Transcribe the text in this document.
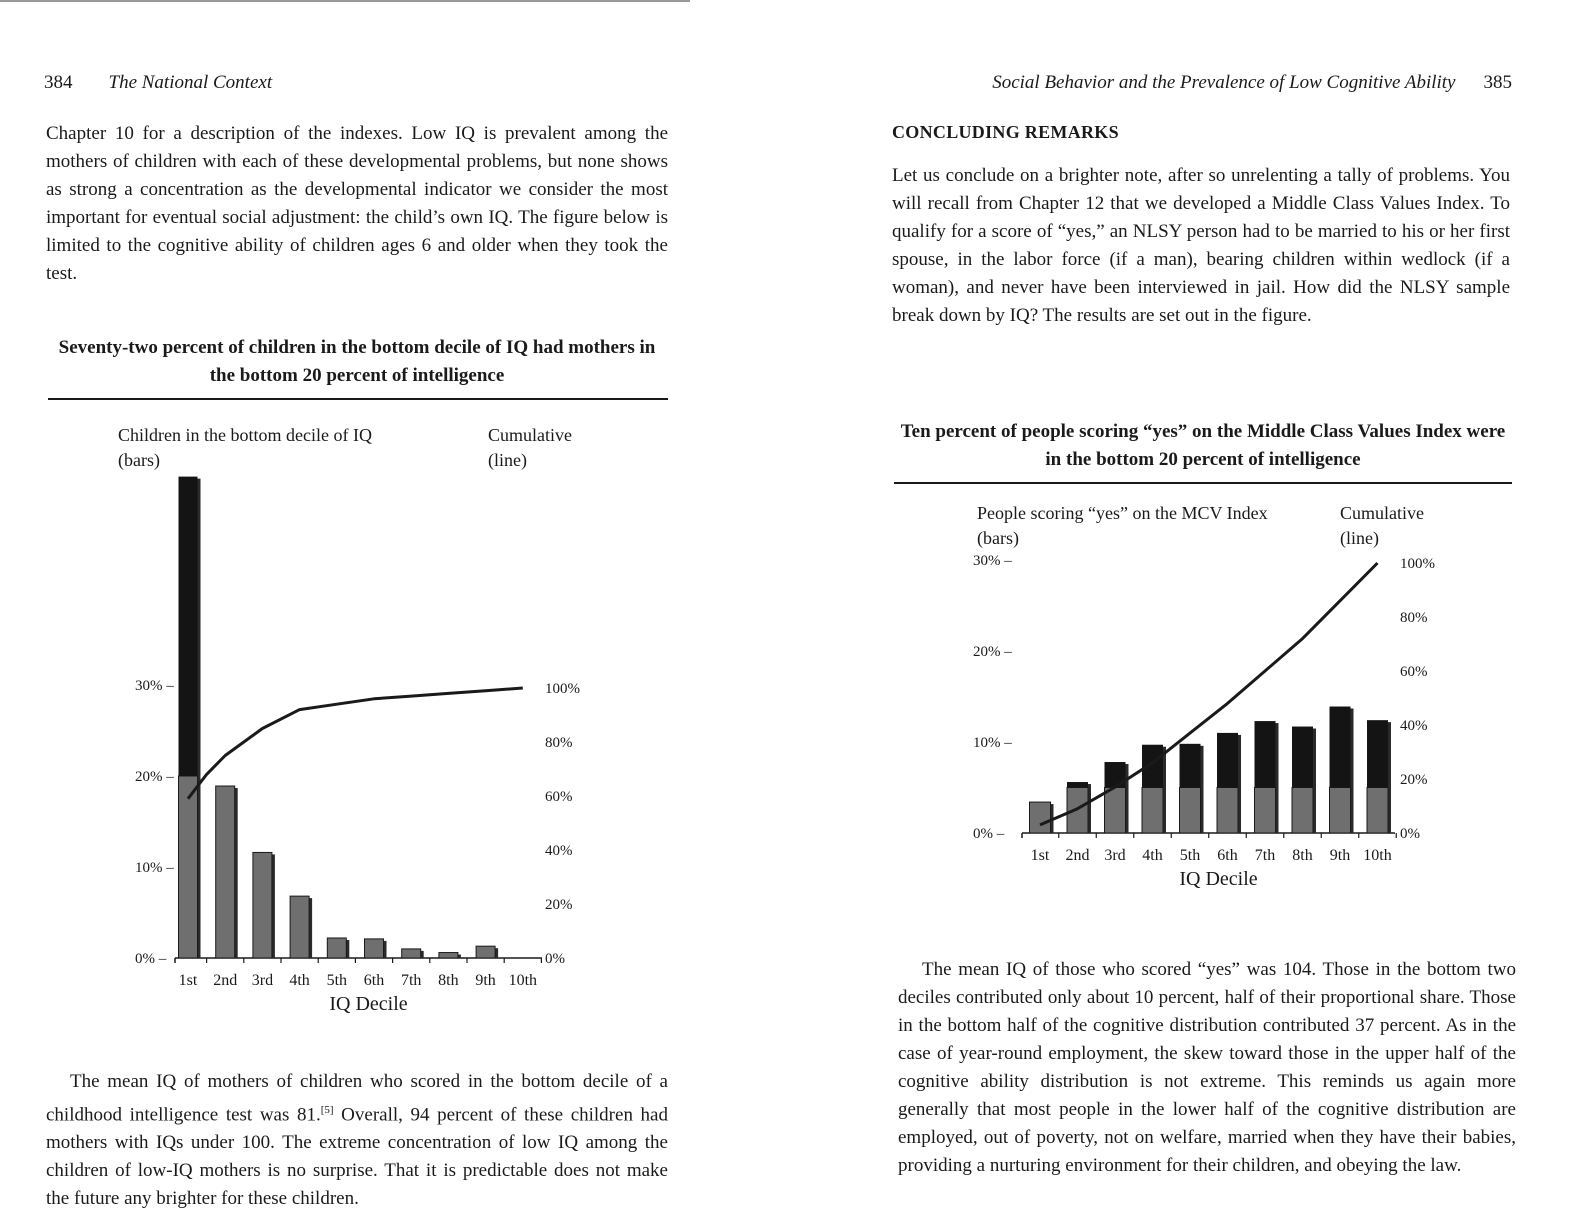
384 The National Context

Chapter 10 for a description of the indexes. Low IQ is prevalent among the mothers of children with each of these developmental problems, but none shows as strong a concentration as the developmental indicator we consider the most important for eventual social adjustment: the child’s own IQ. The figure below is limited to the cognitive ability of children ages 6 and older when they took the test.

Seventy-two percent of children in the bottom decile of IQ had mothers in the bottom 20 percent of intelligence

Children in the bottom decile of IQ
(bars)
Cumulative
(line)
0% –
10% –
20% –
30% –
0%
20%
40%
60%
80%
100%
1st 2nd 3rd 4th 5th 6th 7th 8th 9th 10th
IQ Decile

The mean IQ of mothers of children who scored in the bottom decile of a childhood intelligence test was 81.[5] Overall, 94 percent of these children had mothers with IQs under 100. The extreme concentration of low IQ among the children of low-IQ mothers is no surprise. That it is predictable does not make the future any brighter for these children.

Social Behavior and the Prevalence of Low Cognitive Ability 385
CONCLUDING REMARKS

Let us conclude on a brighter note, after so unrelenting a tally of problems. You will recall from Chapter 12 that we developed a Middle Class Values Index. To qualify for a score of “yes,” an NLSY person had to be married to his or her first spouse, in the labor force (if a man), bearing children within wedlock (if a woman), and never have been interviewed in jail. How did the NLSY sample break down by IQ? The results are set out in the figure.

Ten percent of people scoring “yes” on the Middle Class Values Index were in the bottom 20 percent of intelligence

People scoring “yes” on the MCV Index
(bars)
Cumulative
(line)
0% –
10% –
20% –
30% –
0%
20%
40%
60%
80%
100%
1st 2nd 3rd 4th 5th 6th 7th 8th 9th 10th
IQ Decile

The mean IQ of those who scored “yes” was 104. Those in the bottom two deciles contributed only about 10 percent, half of their proportional share. Those in the bottom half of the cognitive distribution contributed 37 percent. As in the case of year-round employment, the skew toward those in the upper half of the cognitive ability distribution is not extreme. This reminds us again more generally that most people in the lower half of the cognitive distribution are employed, out of poverty, not on welfare, married when they have their babies, providing a nurturing environment for their children, and obeying the law.
